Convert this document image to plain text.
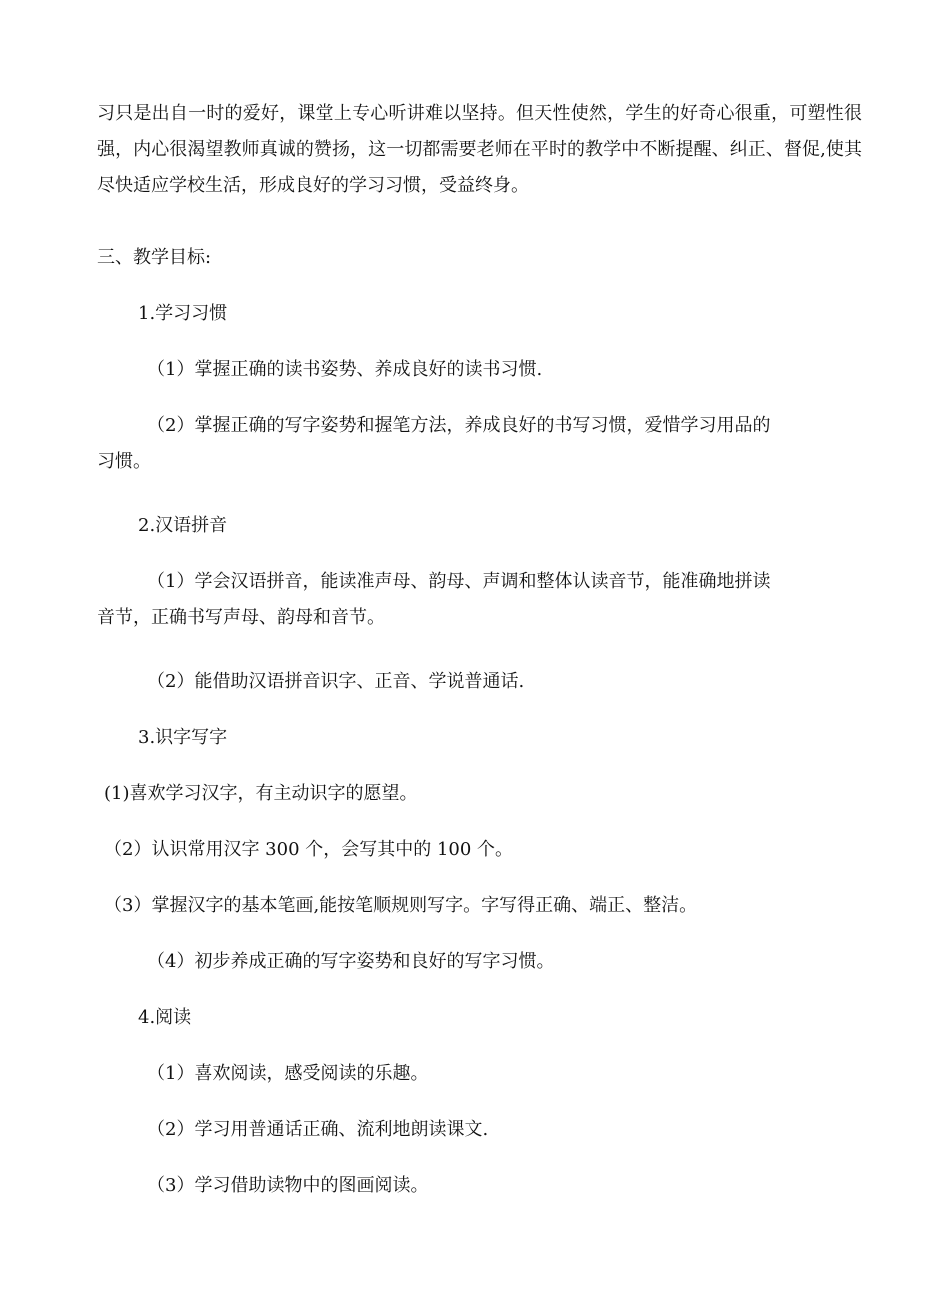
习只是出自一时的爱好，课堂上专心听讲难以坚持。但天性使然，学生的好奇心很重，可塑性很强，内心很渴望教师真诚的赞扬，这一切都需要老师在平时的教学中不断提醒、纠正、督促,使其尽快适应学校生活，形成良好的学习习惯，受益终身。

三、教学目标:

1.学习习惯

（1）掌握正确的读书姿势、养成良好的读书习惯.

（2）掌握正确的写字姿势和握笔方法，养成良好的书写习惯，爱惜学习用品的
习惯。

2.汉语拼音

（1）学会汉语拼音，能读准声母、韵母、声调和整体认读音节，能准确地拼读
音节，正确书写声母、韵母和音节。

（2）能借助汉语拼音识字、正音、学说普通话.

3.识字写字

(1)喜欢学习汉字，有主动识字的愿望。

（2）认识常用汉字 300 个，会写其中的 100 个。

（3）掌握汉字的基本笔画,能按笔顺规则写字。字写得正确、端正、整洁。

（4）初步养成正确的写字姿势和良好的写字习惯。

4.阅读

（1）喜欢阅读，感受阅读的乐趣。

（2）学习用普通话正确、流利地朗读课文.

（3）学习借助读物中的图画阅读。
